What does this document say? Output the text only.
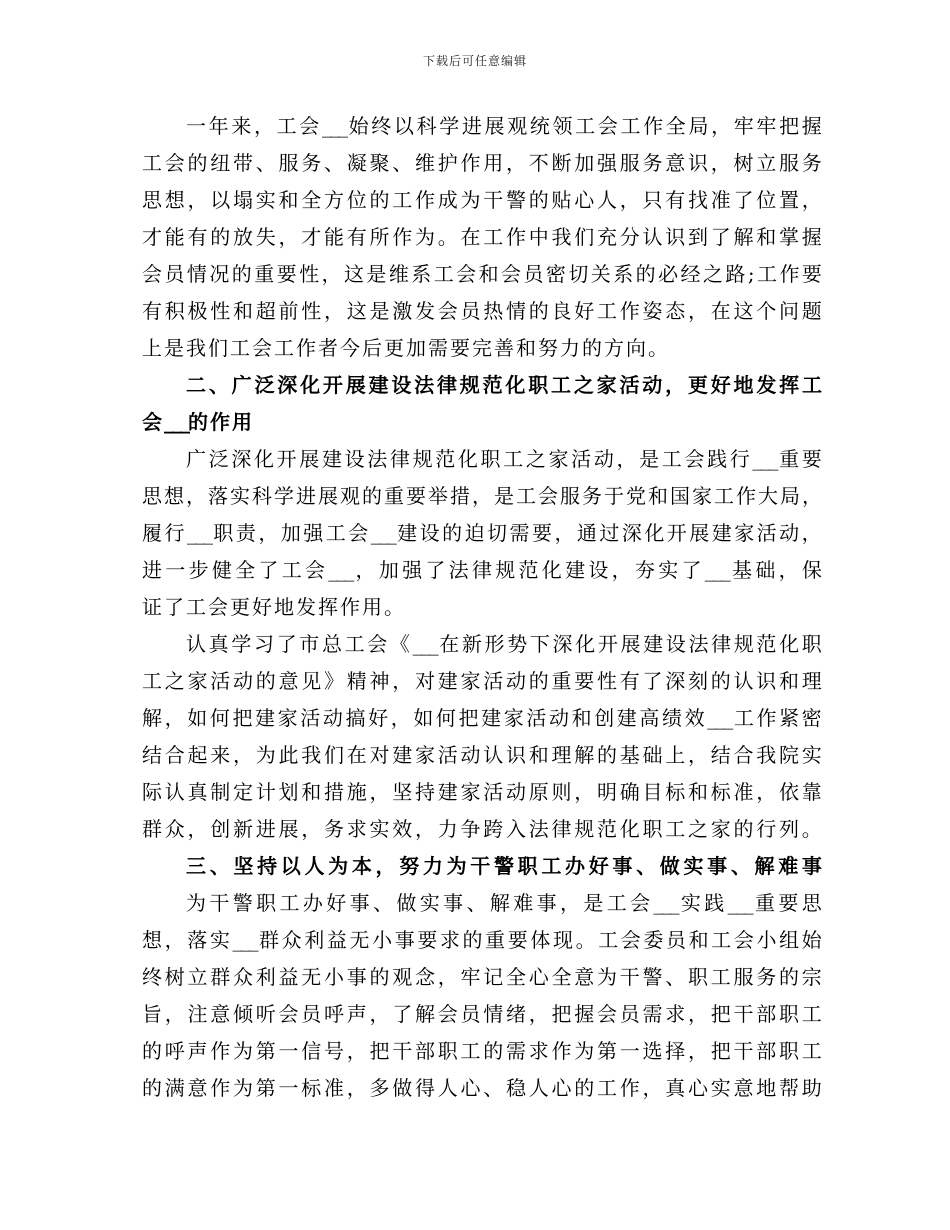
下载后可任意编辑
一 年 来 ， 工 会 ___ 始 终 以 科 学 进 展 观 统 领 工 会 工 作 全 局 ， 牢 牢 把 握
工 会 的 纽 带 、 服 务 、 凝 聚 、 维 护 作 用 ， 不 断 加 强 服 务 意 识 ， 树 立 服 务
思 想 ， 以 塌 实 和 全 方 位 的 工 作 成 为 干 警 的 贴 心 人 ， 只 有 找 准 了 位 置 ，
才 能 有 的 放 失 ， 才 能 有 所 作 为 。 在 工 作 中 我 们 充 分 认 识 到 了 解 和 掌 握
会 员 情 况 的 重 要 性 ， 这 是 维 系 工 会 和 会 员 密 切 关 系 的 必 经 之 路 ; 工 作 要
有 积 极 性 和 超 前 性 ， 这 是 激 发 会 员 热 情 的 良 好 工 作 姿 态 ， 在 这 个 问 题
上 是 我 们 工 会 工 作 者 今 后 更 加 需 要 完 善 和 努 力 的 方 向 。
二 、 广 泛 深 化 开 展 建 设 法 律 规 范 化 职 工 之 家 活 动 ， 更 好 地 发 挥 工
会 ___ 的 作 用
广 泛 深 化 开 展 建 设 法 律 规 范 化 职 工 之 家 活 动 ， 是 工 会 践 行 ___ 重 要
思 想 ， 落 实 科 学 进 展 观 的 重 要 举 措 ， 是 工 会 服 务 于 党 和 国 家 工 作 大 局 ，
履 行 ___ 职 责 ， 加 强 工 会 ___ 建 设 的 迫 切 需 要 ， 通 过 深 化 开 展 建 家 活 动 ，
进 一 步 健 全 了 工 会 ___ ， 加 强 了 法 律 规 范 化 建 设 ， 夯 实 了 ___ 基 础 ， 保
证 了 工 会 更 好 地 发 挥 作 用 。
认 真 学 习 了 市 总 工 会 《 ___ 在 新 形 势 下 深 化 开 展 建 设 法 律 规 范 化 职
工 之 家 活 动 的 意 见 》 精 神 ， 对 建 家 活 动 的 重 要 性 有 了 深 刻 的 认 识 和 理
解 ， 如 何 把 建 家 活 动 搞 好 ， 如 何 把 建 家 活 动 和 创 建 高 绩 效 ___ 工 作 紧 密
结 合 起 来 ， 为 此 我 们 在 对 建 家 活 动 认 识 和 理 解 的 基 础 上 ， 结 合 我 院 实
际 认 真 制 定 计 划 和 措 施 ， 坚 持 建 家 活 动 原 则 ， 明 确 目 标 和 标 准 ， 依 靠
群 众 ， 创 新 进 展 ， 务 求 实 效 ， 力 争 跨 入 法 律 规 范 化 职 工 之 家 的 行 列 。
三 、 坚 持 以 人 为 本 ， 努 力 为 干 警 职 工 办 好 事 、 做 实 事 、 解 难 事
为 干 警 职 工 办 好 事 、 做 实 事 、 解 难 事 ， 是 工 会 ___ 实 践 ___ 重 要 思
想 ， 落 实 ___ 群 众 利 益 无 小 事 要 求 的 重 要 体 现 。 工 会 委 员 和 工 会 小 组 始
终 树 立 群 众 利 益 无 小 事 的 观 念 ， 牢 记 全 心 全 意 为 干 警 、 职 工 服 务 的 宗
旨 ， 注 意 倾 听 会 员 呼 声 ， 了 解 会 员 情 绪 ， 把 握 会 员 需 求 ， 把 干 部 职 工
的 呼 声 作 为 第 一 信 号 ， 把 干 部 职 工 的 需 求 作 为 第 一 选 择 ， 把 干 部 职 工
的 满 意 作 为 第 一 标 准 ， 多 做 得 人 心 、 稳 人 心 的 工 作 ， 真 心 实 意 地 帮 助
